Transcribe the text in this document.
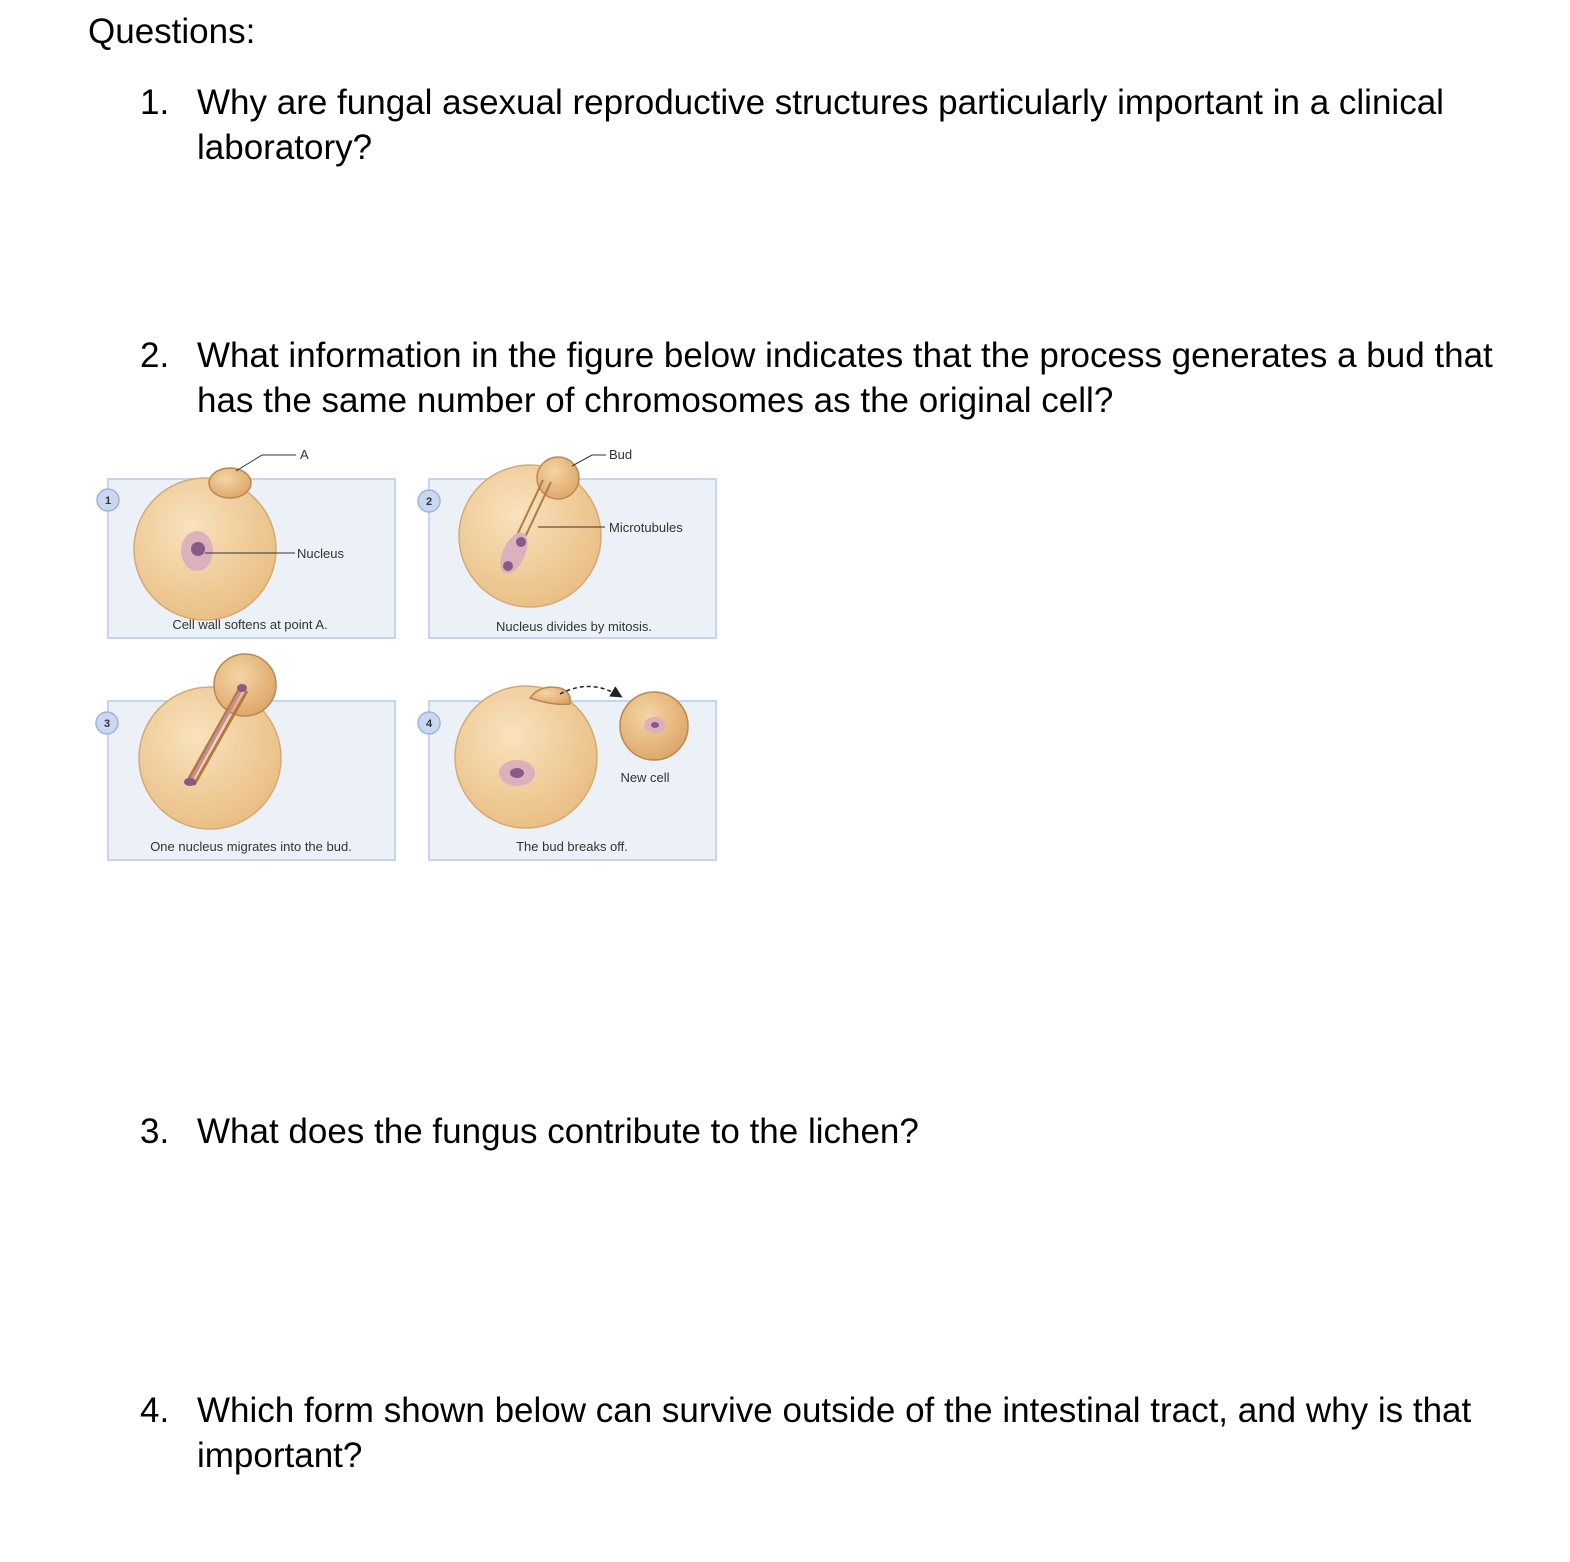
Questions:
1. Why are fungal asexual reproductive structures particularly important in a clinical laboratory?
2. What information in the figure below indicates that the process generates a bud that has the same number of chromosomes as the original cell?
1
A
Nucleus
Cell wall softens at point A.
2
Bud
Microtubules
Nucleus divides by mitosis.
3
One nucleus migrates into the bud.
4
New cell
The bud breaks off.
3. What does the fungus contribute to the lichen?
4. Which form shown below can survive outside of the intestinal tract, and why is that important?
